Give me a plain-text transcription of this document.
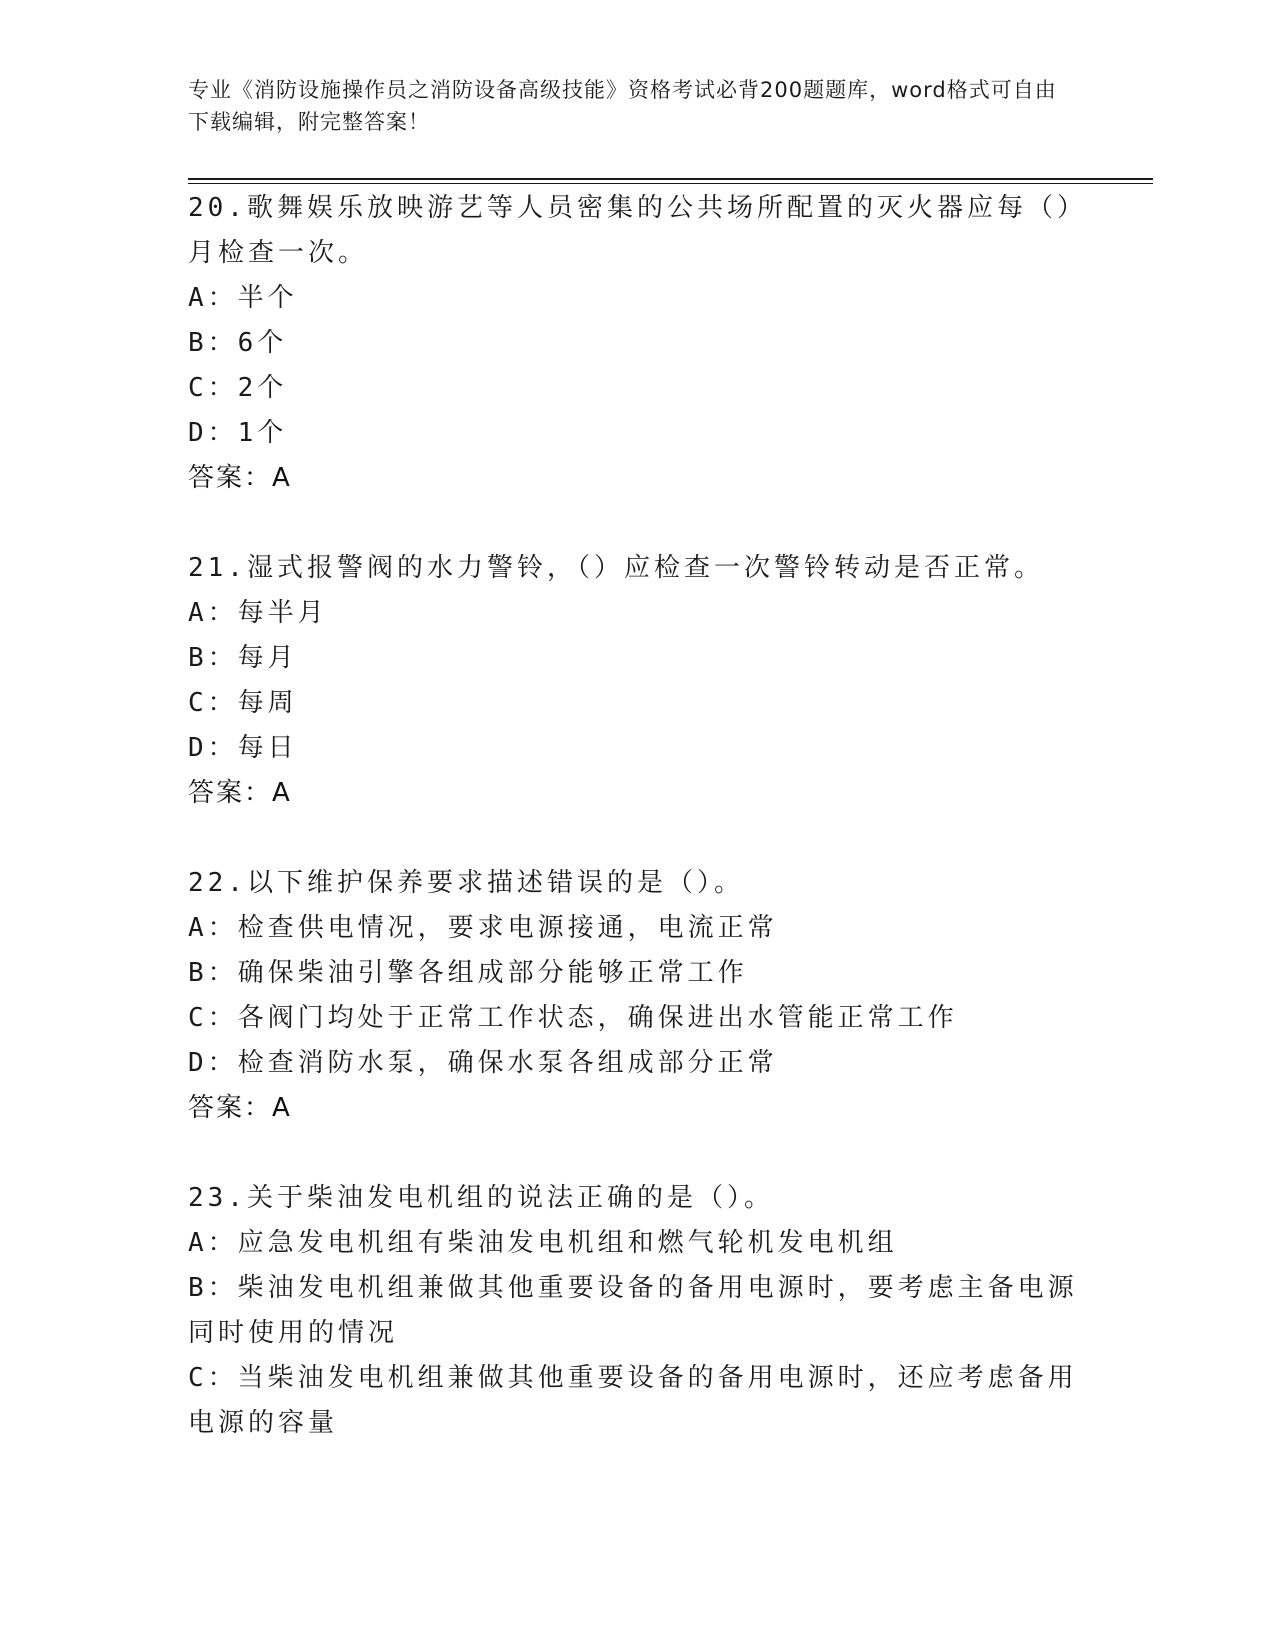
专业《消防设施操作员之消防设备高级技能》资格考试必背200题题库，word格式可自由下载编辑，附完整答案！
20.歌舞娱乐放映游艺等人员密集的公共场所配置的灭火器应每（）月检查一次。
A：半个
B：6个
C：2个
D：1个
答案：A
21.湿式报警阀的水力警铃，（）应检查一次警铃转动是否正常。
A：每半月
B：每月
C：每周
D：每日
答案：A
22.以下维护保养要求描述错误的是（）。
A：检查供电情况，要求电源接通，电流正常
B：确保柴油引擎各组成部分能够正常工作
C：各阀门均处于正常工作状态，确保进出水管能正常工作
D：检查消防水泵，确保水泵各组成部分正常
答案：A
23.关于柴油发电机组的说法正确的是（）。
A：应急发电机组有柴油发电机组和燃气轮机发电机组
B：柴油发电机组兼做其他重要设备的备用电源时，要考虑主备电源同时使用的情况
C：当柴油发电机组兼做其他重要设备的备用电源时，还应考虑备用电源的容量
